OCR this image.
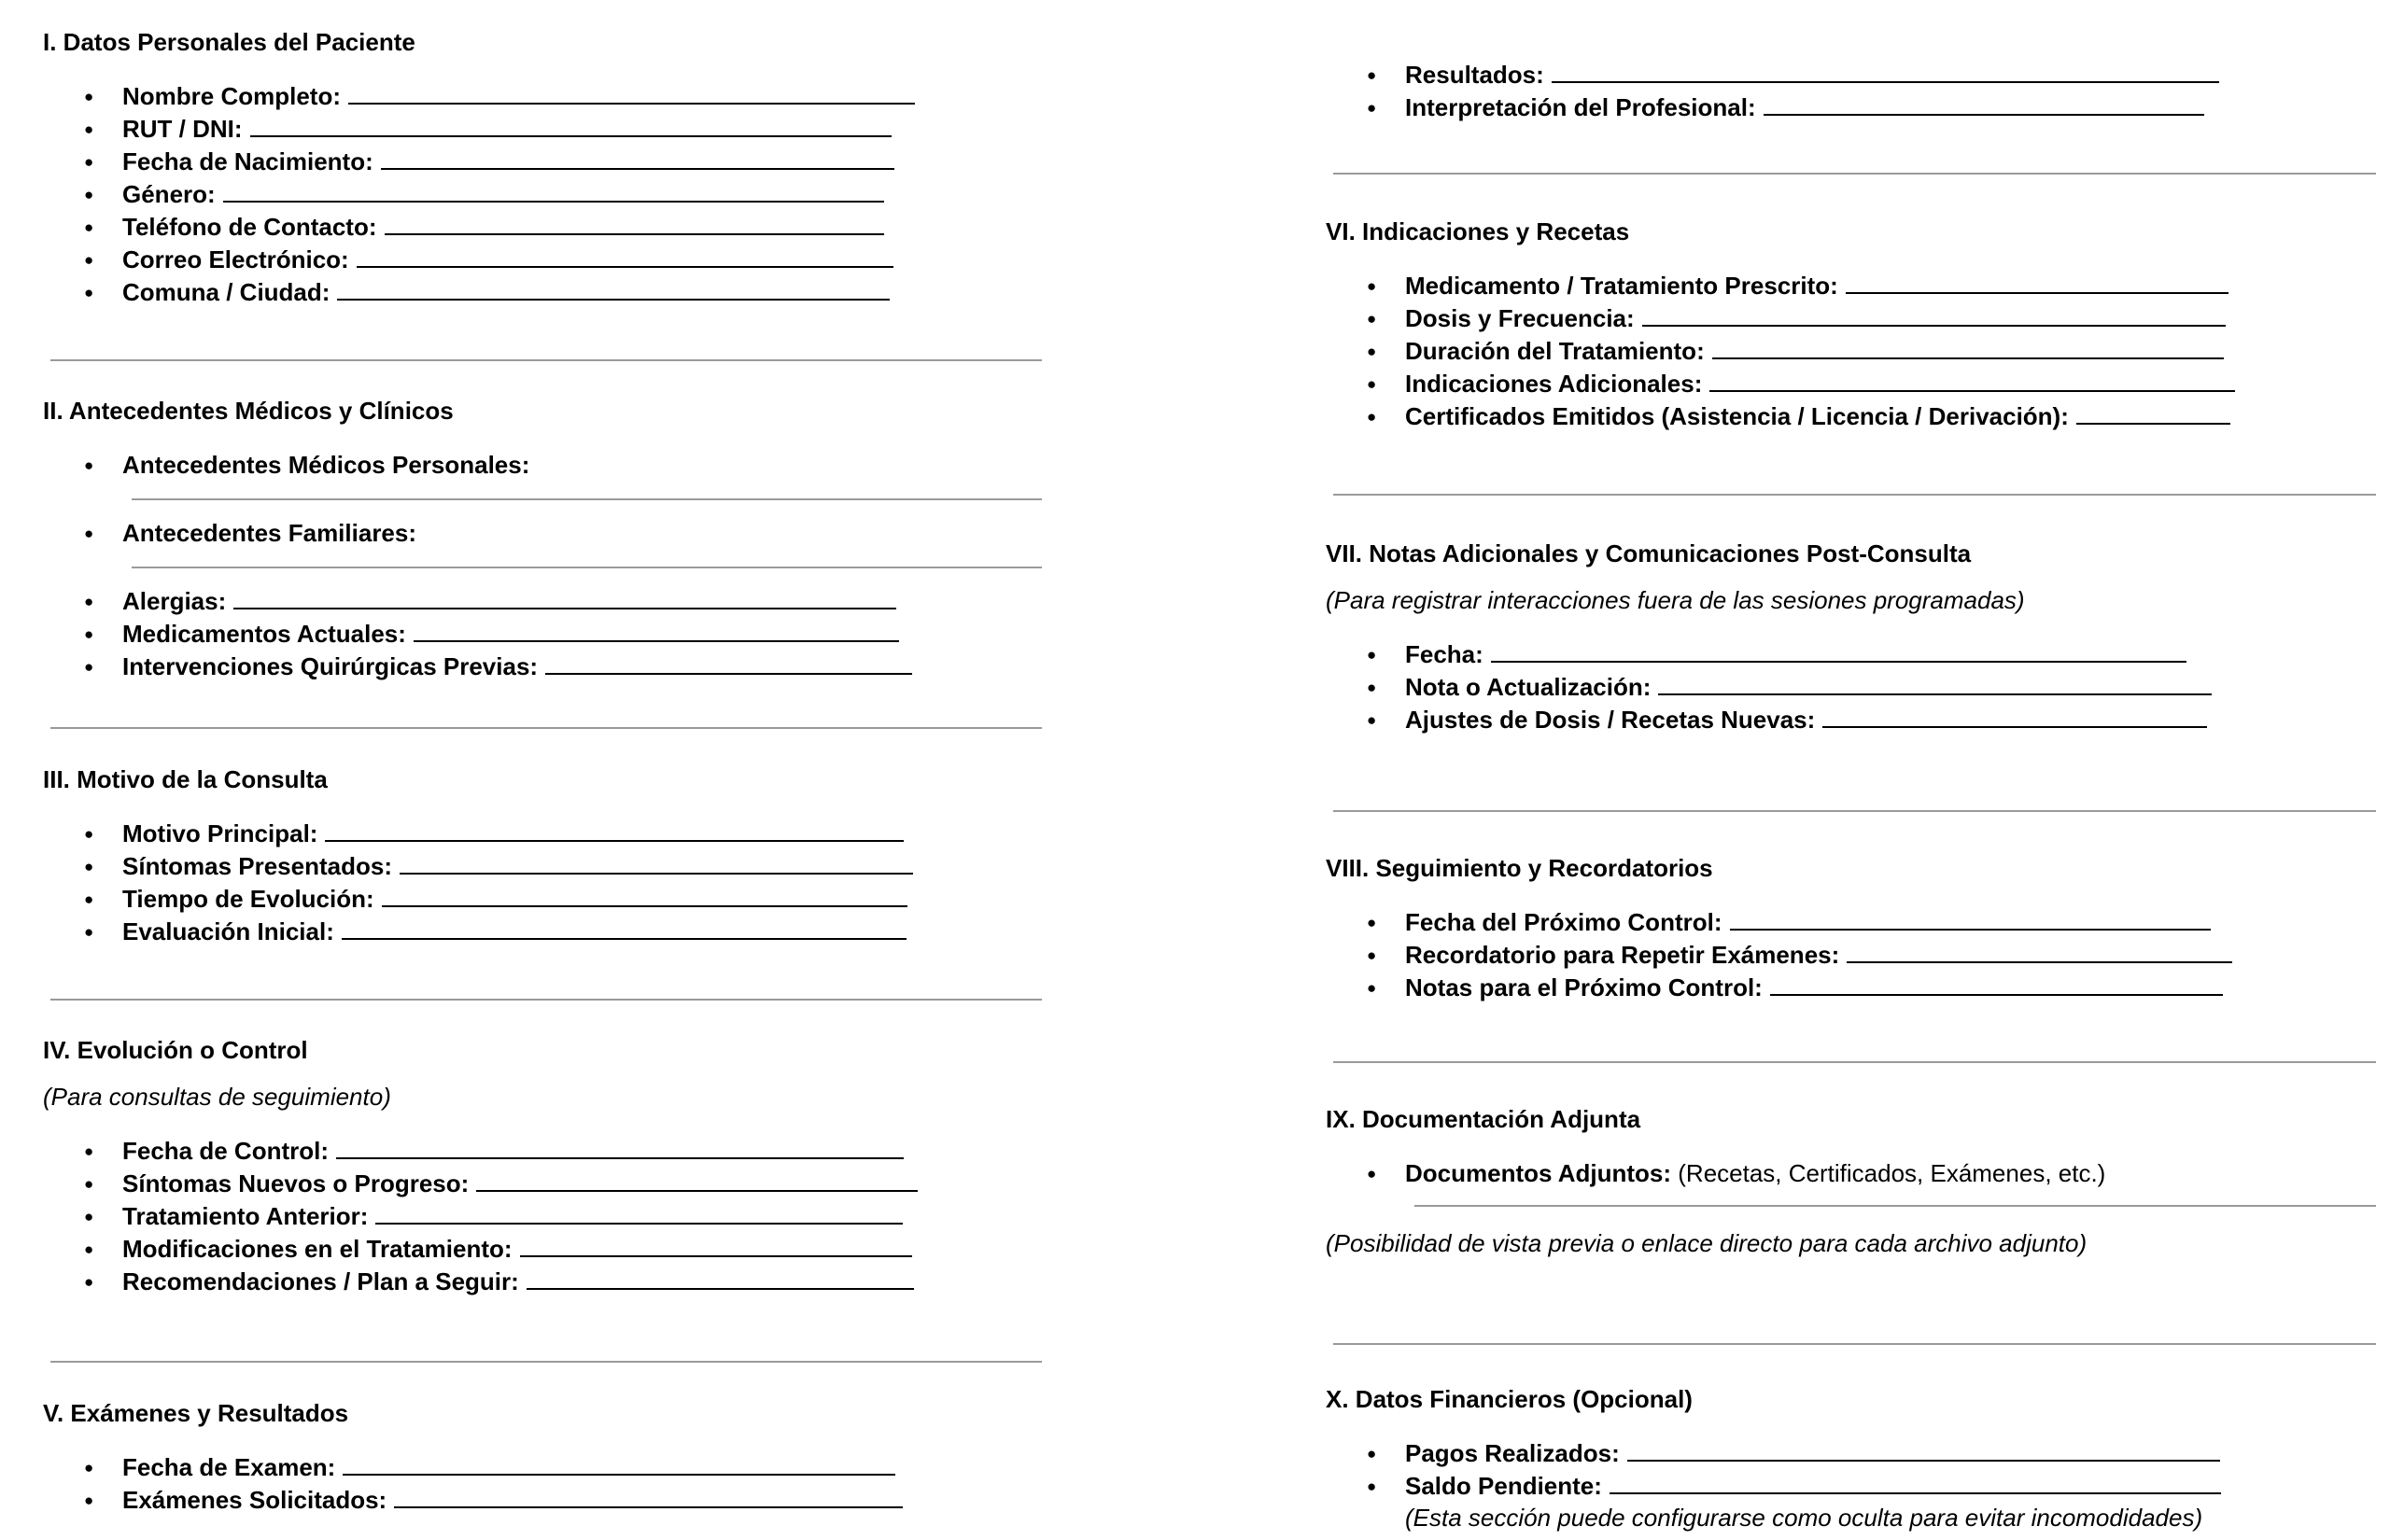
I. Datos Personales del Paciente
● Nombre Completo:
● RUT / DNI:
● Fecha de Nacimiento:
● Género:
● Teléfono de Contacto:
● Correo Electrónico:
● Comuna / Ciudad:
II. Antecedentes Médicos y Clínicos
● Antecedentes Médicos Personales:
● Antecedentes Familiares:
● Alergias:
● Medicamentos Actuales:
● Intervenciones Quirúrgicas Previas:
III. Motivo de la Consulta
● Motivo Principal:
● Síntomas Presentados:
● Tiempo de Evolución:
● Evaluación Inicial:
IV. Evolución o Control
(Para consultas de seguimiento)
● Fecha de Control:
● Síntomas Nuevos o Progreso:
● Tratamiento Anterior:
● Modificaciones en el Tratamiento:
● Recomendaciones / Plan a Seguir:
V. Exámenes y Resultados
● Fecha de Examen:
● Exámenes Solicitados:
● Resultados:
● Interpretación del Profesional:
VI. Indicaciones y Recetas
● Medicamento / Tratamiento Prescrito:
● Dosis y Frecuencia:
● Duración del Tratamiento:
● Indicaciones Adicionales:
● Certificados Emitidos (Asistencia / Licencia / Derivación):
VII. Notas Adicionales y Comunicaciones Post-Consulta
(Para registrar interacciones fuera de las sesiones programadas)
● Fecha:
● Nota o Actualización:
● Ajustes de Dosis / Recetas Nuevas:
VIII. Seguimiento y Recordatorios
● Fecha del Próximo Control:
● Recordatorio para Repetir Exámenes:
● Notas para el Próximo Control:
IX. Documentación Adjunta
● Documentos Adjuntos: (Recetas, Certificados, Exámenes, etc.)
(Posibilidad de vista previa o enlace directo para cada archivo adjunto)
X. Datos Financieros (Opcional)
● Pagos Realizados:
● Saldo Pendiente:
(Esta sección puede configurarse como oculta para evitar incomodidades)
